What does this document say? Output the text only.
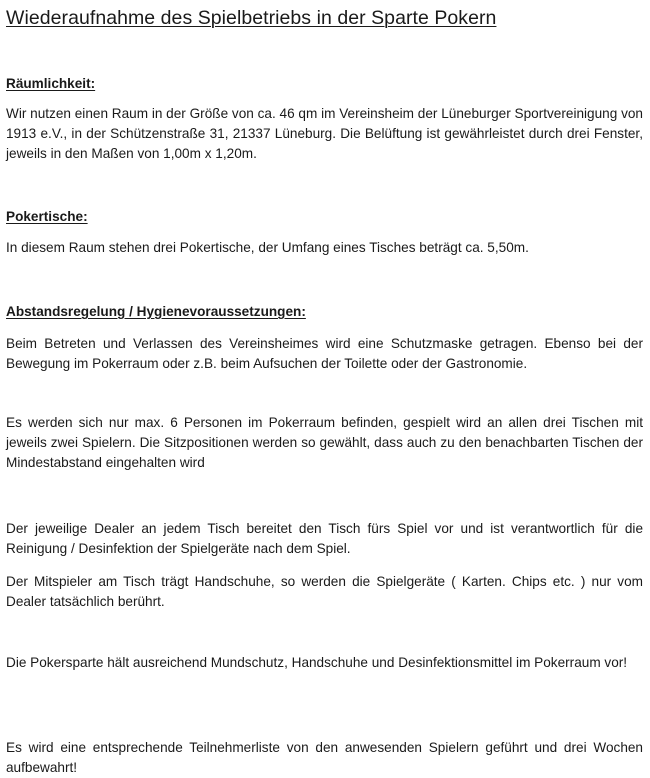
Wiederaufnahme des Spielbetriebs in der Sparte Pokern
Räumlichkeit:

Wir nutzen einen Raum in der Größe von ca. 46 qm im Vereinsheim der Lüneburger Sportvereinigung von 1913 e.V., in der Schützenstraße 31, 21337 Lüneburg. Die Belüftung ist gewährleistet durch drei Fenster, jeweils in den Maßen von 1,00m x 1,20m.

Pokertische:

In diesem Raum stehen drei Pokertische, der Umfang eines Tisches beträgt ca. 5,50m.

Abstandsregelung / Hygienevoraussetzungen:

Beim Betreten und Verlassen des Vereinsheimes wird eine Schutzmaske getragen. Ebenso bei der Bewegung im Pokerraum oder z.B. beim Aufsuchen der Toilette oder der Gastronomie.

Es werden sich nur max. 6 Personen im Pokerraum befinden, gespielt wird an allen drei Tischen mit jeweils zwei Spielern. Die Sitzpositionen werden so gewählt, dass auch zu den benachbarten Tischen der Mindestabstand eingehalten wird

Der jeweilige Dealer an jedem Tisch bereitet den Tisch fürs Spiel vor und ist verantwortlich für die Reinigung / Desinfektion der Spielgeräte nach dem Spiel.

Der Mitspieler am Tisch trägt Handschuhe, so werden die Spielgeräte ( Karten. Chips etc. ) nur vom Dealer tatsächlich berührt.

Die Pokersparte hält ausreichend Mundschutz, Handschuhe und Desinfektionsmittel im Pokerraum vor!

Es wird eine entsprechende Teilnehmerliste von den anwesenden Spielern geführt und drei Wochen aufbewahrt!
